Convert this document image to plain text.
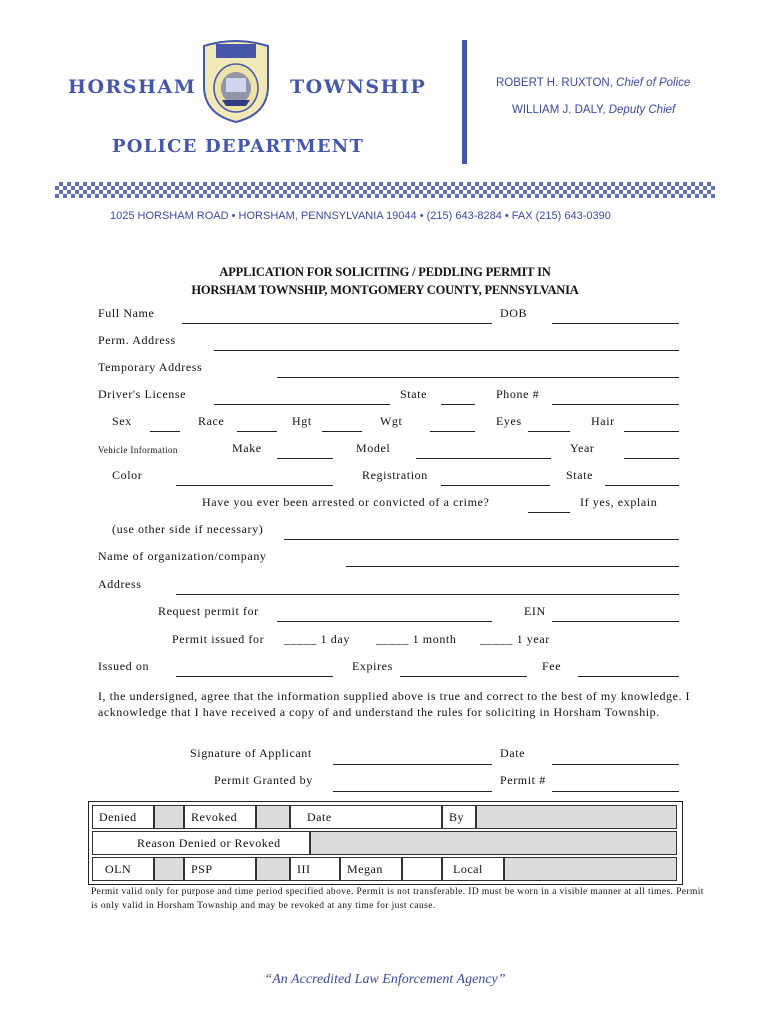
HORSHAM	TOWNSHIP	ROBERT H. RUXTON, Chief of Police
WILLIAM J. DALY, Deputy Chief
POLICE DEPARTMENT
1025 HORSHAM ROAD • HORSHAM, PENNSYLVANIA 19044 • (215) 643-8284 • FAX (215) 643-0390
APPLICATION FOR SOLICITING / PEDDLING PERMIT IN
HORSHAM TOWNSHIP, MONTGOMERY COUNTY, PENNSYLVANIA
Full Name	DOB
Perm. Address
Temporary Address
Driver's License	State	Phone #
Sex	Race	Hgt	Wgt	Eyes	Hair
Vehicle Information	Make	Model	Year
Color	Registration	State
Have you ever been arrested or convicted of a crime?	If yes, explain
(use other side if necessary)
Name of organization/company
Address
Request permit for	EIN
Permit issued for _____ 1 day _____ 1 month _____ 1 year
Issued on	Expires	Fee
I, the undersigned, agree that the information supplied above is true and correct to the best of my knowledge. I acknowledge that I have received a copy of and understand the rules for soliciting in Horsham Township.
Signature of Applicant	Date
Permit Granted by	Permit #
Denied	Revoked	Date	By
Reason Denied or Revoked
OLN	PSP	III	Megan	Local
Permit valid only for purpose and time period specified above. Permit is not transferable. ID must be worn in a visible manner at all times. Permit is only valid in Horsham Township and may be revoked at any time for just cause.
“An Accredited Law Enforcement Agency”
